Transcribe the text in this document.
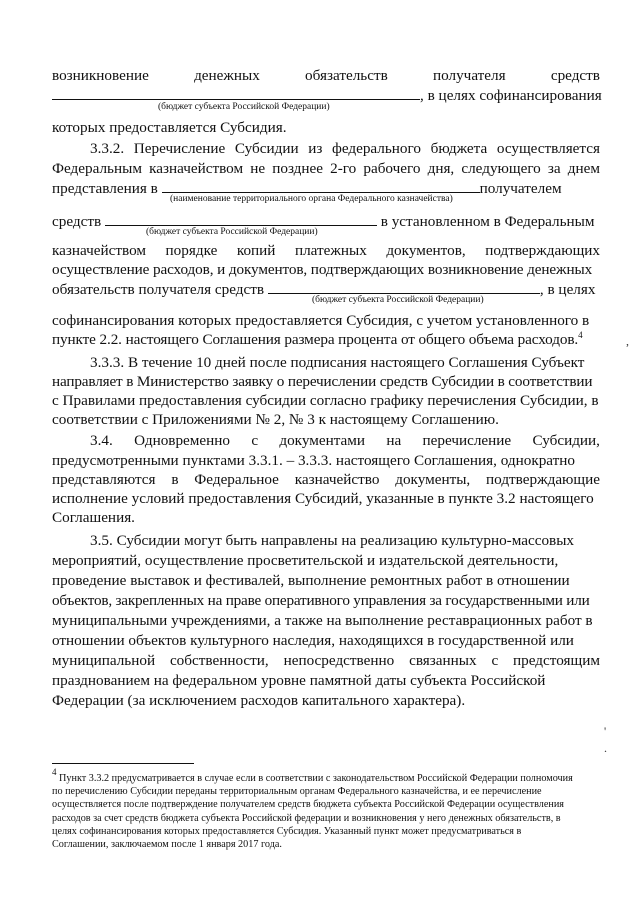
возникновение	денежных	обязательств	получателя	средств
, в целях софинансирования
(бюджет субъекта Российской Федерации)
которых предоставляется Субсидия.
3.3.2. Перечисление Субсидии из федерального бюджета осуществляется
Федеральным казначейством не позднее 2-го рабочего дня, следующего за днем
представления в	получателем
(наименование территориального органа Федерального казначейства)
средств	в установленном в Федеральным
(бюджет субъекта Российской Федерации)
казначейством порядке копий платежных документов, подтверждающих
осуществление расходов, и документов, подтверждающих возникновение денежных
обязательств получателя средств	, в целях
(бюджет субъекта Российской Федерации)
софинансирования которых предоставляется Субсидия, с учетом установленного в
пункте 2.2. настоящего Соглашения размера процента от общего объема расходов.$^4$
3.3.3. В течение 10 дней после подписания настоящего Соглашения Субъект
направляет в Министерство заявку о перечислении средств Субсидии в соответствии
с Правилами предоставления субсидии согласно графику перечисления Субсидии, в
соответствии с Приложениями № 2, № 3 к настоящему Соглашению.
3.4. Одновременно с документами на перечисление Субсидии,
предусмотренными пунктами 3.3.1. – 3.3.3. настоящего Соглашения, однократно
представляются в Федеральное казначейство документы, подтверждающие
исполнение условий предоставления Субсидий, указанные в пункте 3.2 настоящего
Соглашения.
3.5. Субсидии могут быть направлены на реализацию культурно-массовых
мероприятий, осуществление просветительской и издательской деятельности,
проведение выставок и фестивалей, выполнение ремонтных работ в отношении
объектов, закрепленных на праве оперативного управления за государственными или
муниципальными учреждениями, а также на выполнение реставрационных работ в
отношении объектов культурного наследия, находящихся в государственной или
муниципальной собственности, непосредственно связанных с предстоящим
празднованием на федеральном уровне памятной даты субъекта Российской
Федерации (за исключением расходов капитального характера).
,
'
.
$^4$ Пункт 3.3.2 предусматривается в случае если в соответствии с законодательством Российской Федерации полномочия
по перечислению Субсидии переданы территориальным органам Федерального казначейства, и ее перечисление
осуществляется после подтверждение получателем средств бюджета субъекта Российской Федерации осуществления
расходов за счет средств бюджета субъекта Российской федерации и возникновения у него денежных обязательств, в
целях софинансирования которых предоставляется Субсидия. Указанный пункт может предусматриваться в
Соглашении, заключаемом после 1 января 2017 года.
